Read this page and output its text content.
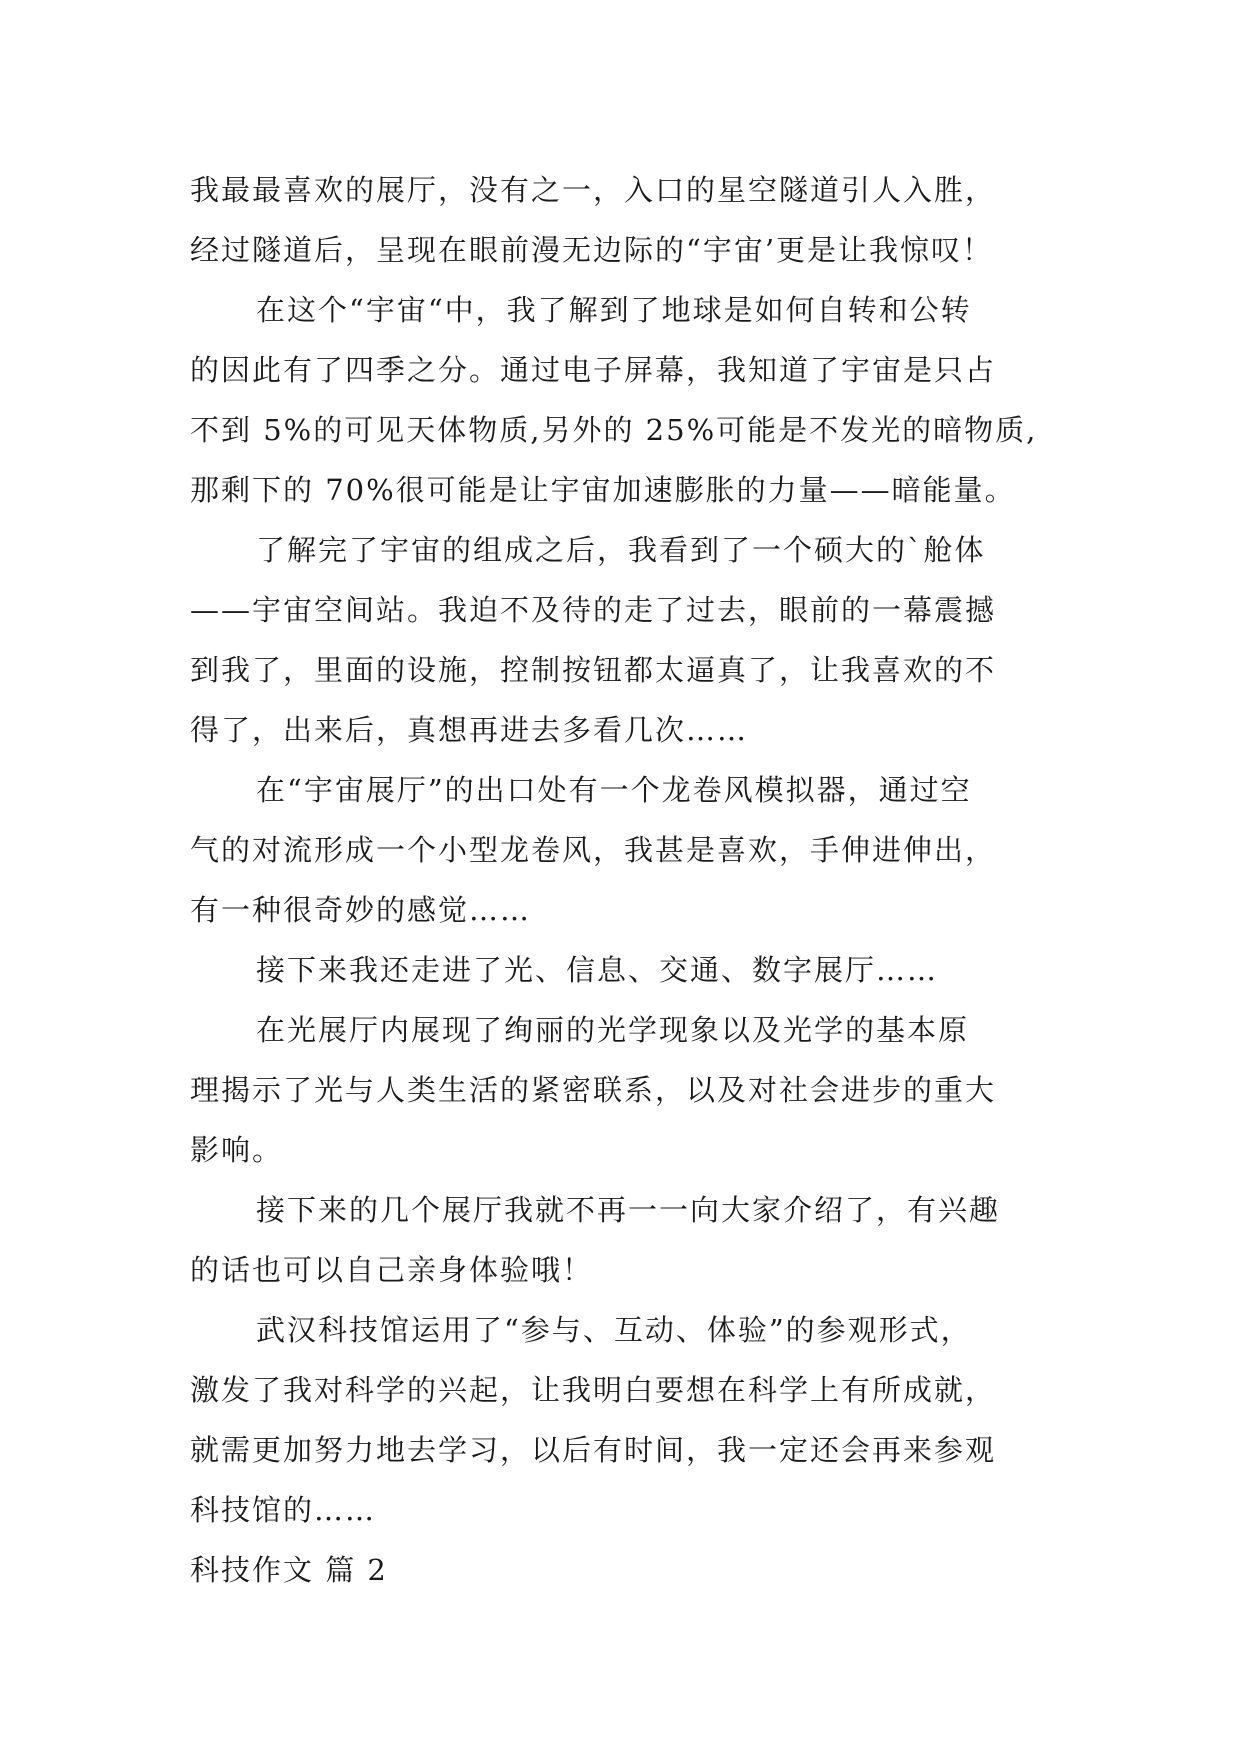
我最最喜欢的展厅，没有之一，入口的星空隧道引人入胜，
经过隧道后，呈现在眼前漫无边际的“宇宙’更是让我惊叹！
在这个“宇宙“中，我了解到了地球是如何自转和公转
的因此有了四季之分。通过电子屏幕，我知道了宇宙是只占
不到 5%的可见天体物质,另外的 25%可能是不发光的暗物质,
那剩下的 70%很可能是让宇宙加速膨胀的力量——暗能量。
了解完了宇宙的组成之后，我看到了一个硕大的`舱体
——宇宙空间站。我迫不及待的走了过去，眼前的一幕震撼
到我了，里面的设施，控制按钮都太逼真了，让我喜欢的不
得了，出来后，真想再进去多看几次……
在“宇宙展厅”的出口处有一个龙卷风模拟器，通过空
气的对流形成一个小型龙卷风，我甚是喜欢，手伸进伸出，
有一种很奇妙的感觉……
接下来我还走进了光、信息、交通、数字展厅……
在光展厅内展现了绚丽的光学现象以及光学的基本原
理揭示了光与人类生活的紧密联系，以及对社会进步的重大
影响。
接下来的几个展厅我就不再一一向大家介绍了，有兴趣
的话也可以自己亲身体验哦！
武汉科技馆运用了“参与、互动、体验”的参观形式，
激发了我对科学的兴起，让我明白要想在科学上有所成就，
就需更加努力地去学习，以后有时间，我一定还会再来参观
科技馆的……
科技作文 篇 2
